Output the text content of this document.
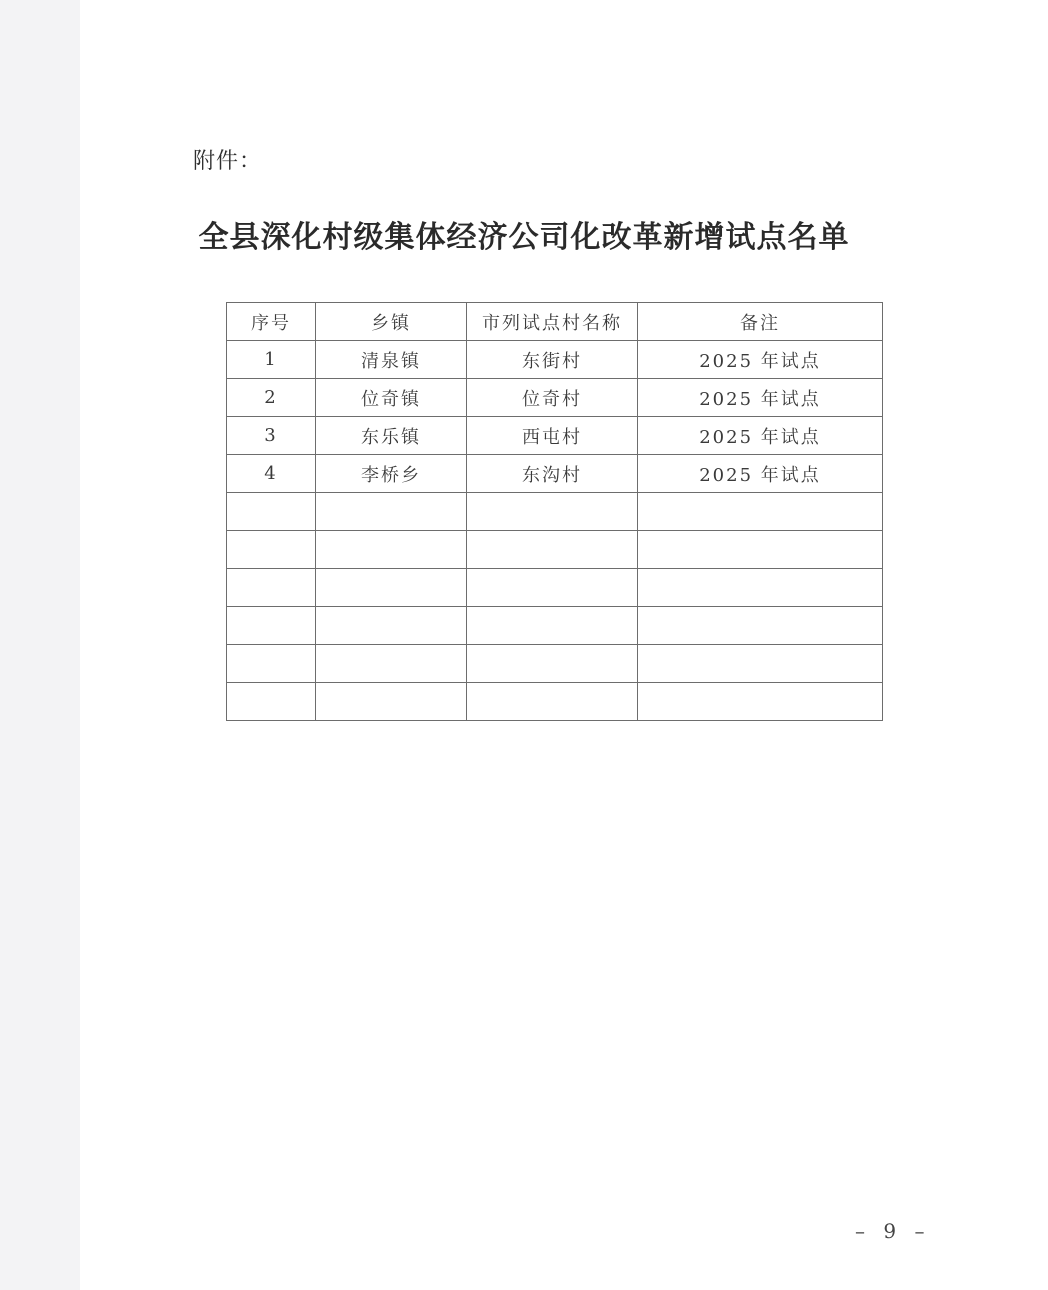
附件：
全县深化村级集体经济公司化改革新增试点名单
序号	乡镇	市列试点村名称	备注
1	清泉镇	东街村	2025 年试点
2	位奇镇	位奇村	2025 年试点
3	东乐镇	西屯村	2025 年试点
4	李桥乡	东沟村	2025 年试点

– 9 –
